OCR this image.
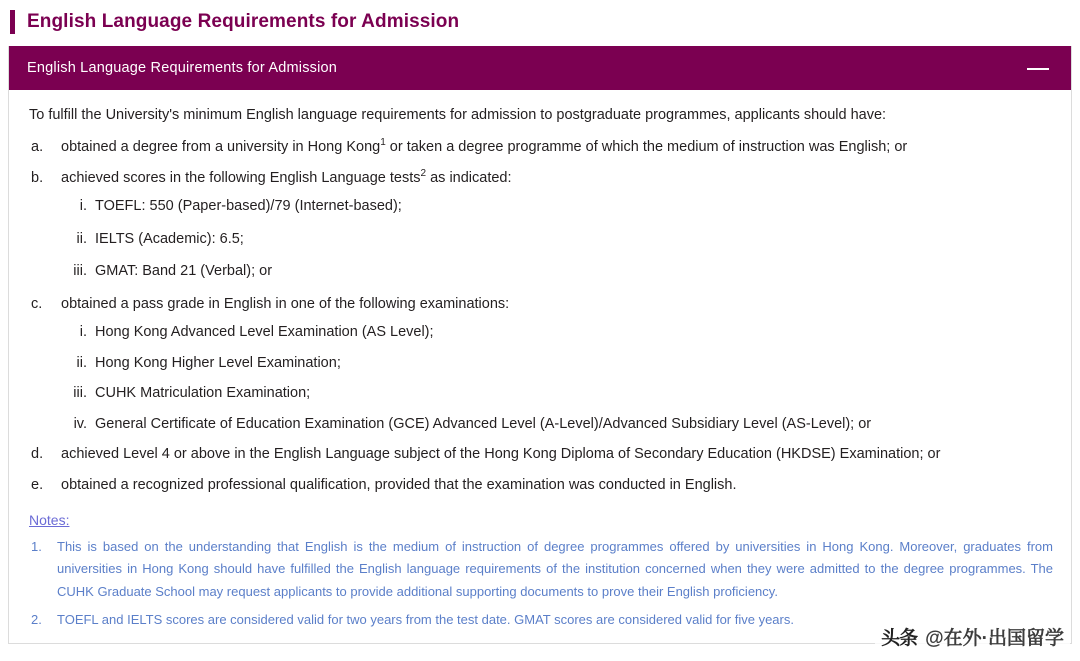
English Language Requirements for Admission
English Language Requirements for Admission

To fulfill the University's minimum English language requirements for admission to postgraduate programmes, applicants should have:

a.	obtained a degree from a university in Hong Kong$^1$ or taken a degree programme of which the medium of instruction was English; or
b.	achieved scores in the following English Language tests$^2$ as indicated:
i. TOEFL: 550 (Paper-based)/79 (Internet-based);
ii. IELTS (Academic): 6.5;
iii. GMAT: Band 21 (Verbal); or
c.	obtained a pass grade in English in one of the following examinations:
i. Hong Kong Advanced Level Examination (AS Level);
ii. Hong Kong Higher Level Examination;
iii. CUHK Matriculation Examination;
iv. General Certificate of Education Examination (GCE) Advanced Level (A-Level)/Advanced Subsidiary Level (AS-Level); or
d.	achieved Level 4 or above in the English Language subject of the Hong Kong Diploma of Secondary Education (HKDSE) Examination; or
e.	obtained a recognized professional qualification, provided that the examination was conducted in English.
Notes:
1.	This is based on the understanding that English is the medium of instruction of degree programmes offered by universities in Hong Kong. Moreover, graduates from universities in Hong Kong should have fulfilled the English language requirements of the institution concerned when they were admitted to the degree programmes. The CUHK Graduate School may request applicants to provide additional supporting documents to prove their English proficiency.
2.	TOEFL and IELTS scores are considered valid for two years from the test date. GMAT scores are considered valid for five years.
头条 @在外·出国留学
